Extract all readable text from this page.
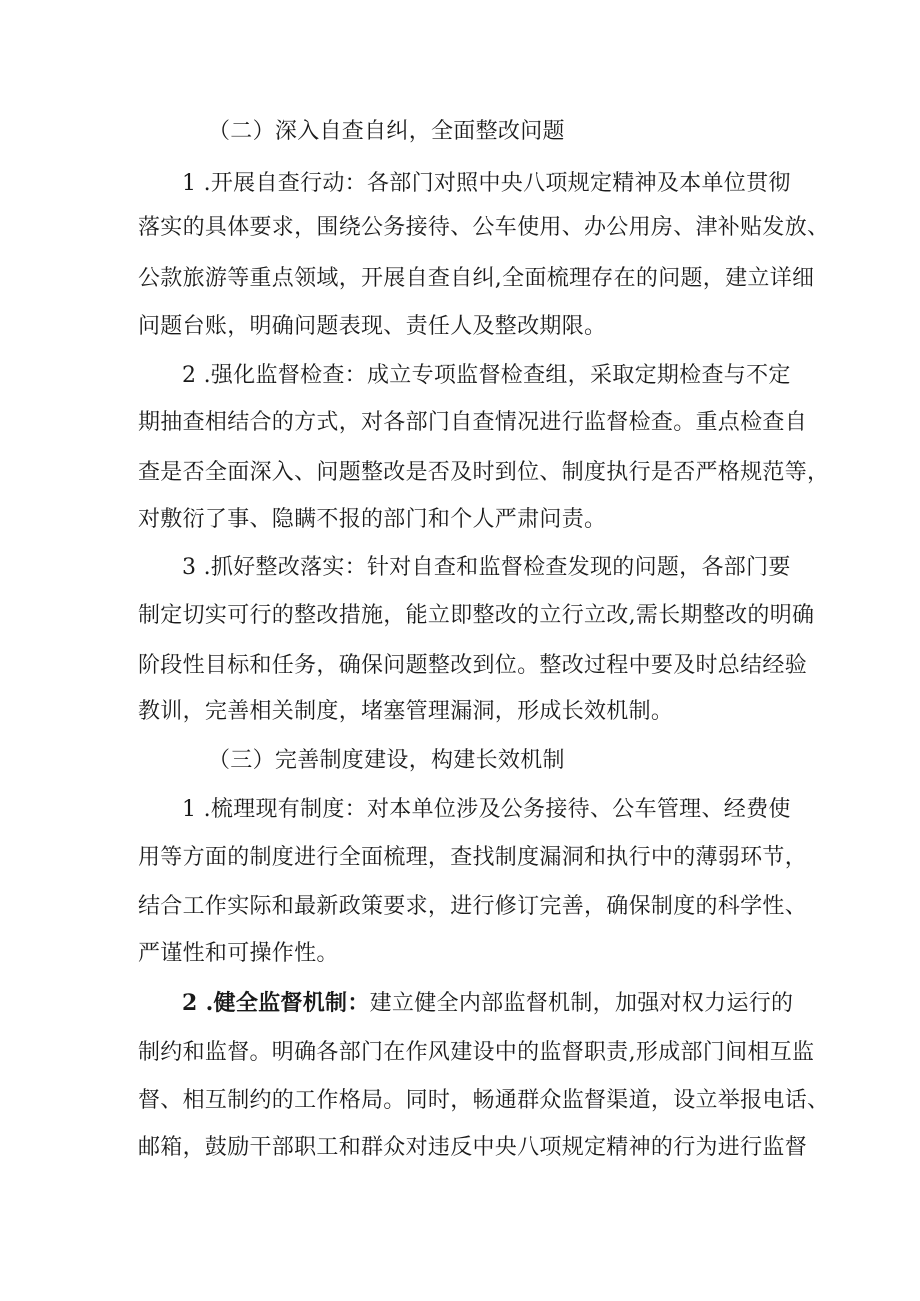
（二）深入自查自纠，全面整改问题
1 .开展自查行动：各部门对照中央八项规定精神及本单位贯彻
落实的具体要求，围绕公务接待、公车使用、办公用房、津补贴发放、
公款旅游等重点领域，开展自查自纠,全面梳理存在的问题，建立详细
问题台账，明确问题表现、责任人及整改期限。
2 .强化监督检查：成立专项监督检查组，采取定期检查与不定
期抽查相结合的方式，对各部门自查情况进行监督检查。重点检查自
查是否全面深入、问题整改是否及时到位、制度执行是否严格规范等，
对敷衍了事、隐瞒不报的部门和个人严肃问责。
3 .抓好整改落实：针对自查和监督检查发现的问题，各部门要
制定切实可行的整改措施，能立即整改的立行立改,需长期整改的明确
阶段性目标和任务，确保问题整改到位。整改过程中要及时总结经验
教训，完善相关制度，堵塞管理漏洞，形成长效机制。
（三）完善制度建设，构建长效机制
1 .梳理现有制度：对本单位涉及公务接待、公车管理、经费使
用等方面的制度进行全面梳理，查找制度漏洞和执行中的薄弱环节，
结合工作实际和最新政策要求，进行修订完善，确保制度的科学性、
严谨性和可操作性。
2 .健全监督机制：建立健全内部监督机制，加强对权力运行的
制约和监督。明确各部门在作风建设中的监督职责,形成部门间相互监
督、相互制约的工作格局。同时，畅通群众监督渠道，设立举报电话、
邮箱，鼓励干部职工和群众对违反中央八项规定精神的行为进行监督
